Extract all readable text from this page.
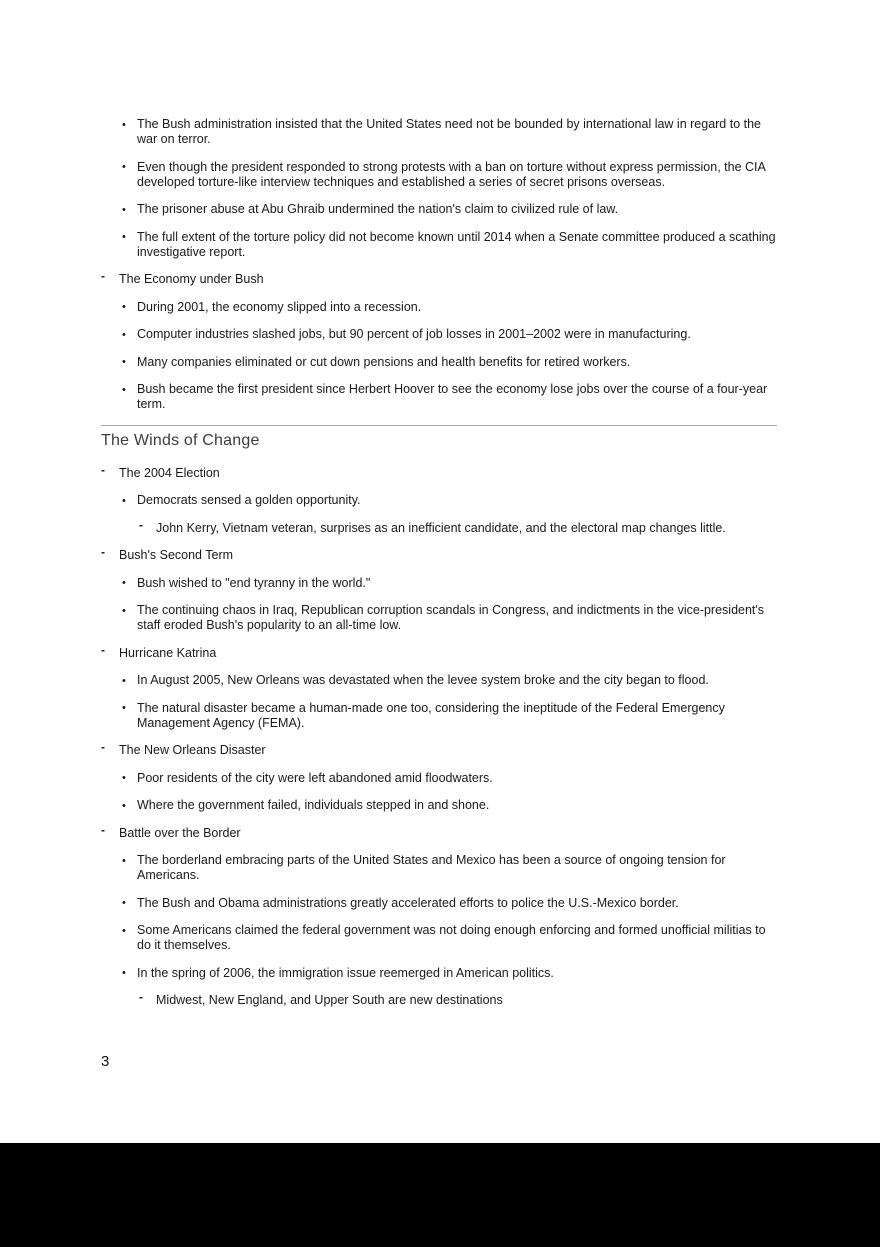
• The Bush administration insisted that the United States need not be bounded by international law in regard to the war on terror.
• Even though the president responded to strong protests with a ban on torture without express permission, the CIA developed torture-like interview techniques and established a series of secret prisons overseas.
• The prisoner abuse at Abu Ghraib undermined the nation's claim to civilized rule of law.
• The full extent of the torture policy did not become known until 2014 when a Senate committee produced a scathing investigative report.
-	The Economy under Bush
• During 2001, the economy slipped into a recession.
• Computer industries slashed jobs, but 90 percent of job losses in 2001–2002 were in manufacturing.
• Many companies eliminated or cut down pensions and health benefits for retired workers.
• Bush became the first president since Herbert Hoover to see the economy lose jobs over the course of a four-year term.
The Winds of Change
-	The 2004 Election
• Democrats sensed a golden opportunity.
-	John Kerry, Vietnam veteran, surprises as an inefficient candidate, and the electoral map changes little.
-	Bush's Second Term
• Bush wished to "end tyranny in the world."
• The continuing chaos in Iraq, Republican corruption scandals in Congress, and indictments in the vice-president's staff eroded Bush's popularity to an all-time low.
-	Hurricane Katrina
• In August 2005, New Orleans was devastated when the levee system broke and the city began to flood.
• The natural disaster became a human-made one too, considering the ineptitude of the Federal Emergency Management Agency (FEMA).
-	The New Orleans Disaster
• Poor residents of the city were left abandoned amid floodwaters.
• Where the government failed, individuals stepped in and shone.
-	Battle over the Border
• The borderland embracing parts of the United States and Mexico has been a source of ongoing tension for Americans.
• The Bush and Obama administrations greatly accelerated efforts to police the U.S.-Mexico border.
• Some Americans claimed the federal government was not doing enough enforcing and formed unofficial militias to do it themselves.
• In the spring of 2006, the immigration issue reemerged in American politics.
-	Midwest, New England, and Upper South are new destinations
3
